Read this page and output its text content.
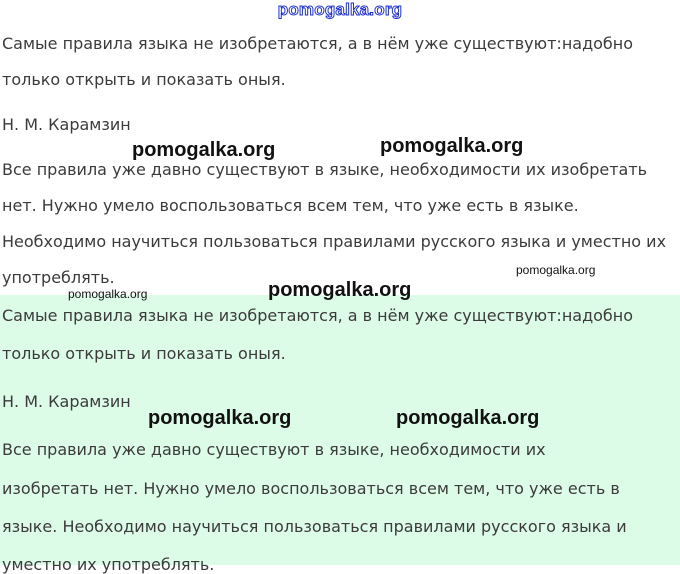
Самые правила языка не изобретаются, а в нём уже существуют:надобно
только открыть и показать оныя.
Н. М. Карамзин
Все правила уже давно существуют в языке, необходимости их изобретать
нет. Нужно умело воспользоваться всем тем, что уже есть в языке.
Необходимо научиться пользоваться правилами русского языка и уместно их
употреблять.
Самые правила языка не изобретаются, а в нём уже существуют:надобно
только открыть и показать оныя.
Н. М. Карамзин
Все правила уже давно существуют в языке, необходимости их
изобретать нет. Нужно умело воспользоваться всем тем, что уже есть в
языке. Необходимо научиться пользоваться правилами русского языка и
уместно их употреблять.
pomogalka.org
pomogalka.org	pomogalka.org
pomogalka.org
pomogalka.org	pomogalka.org
pomogalka.org	pomogalka.org
